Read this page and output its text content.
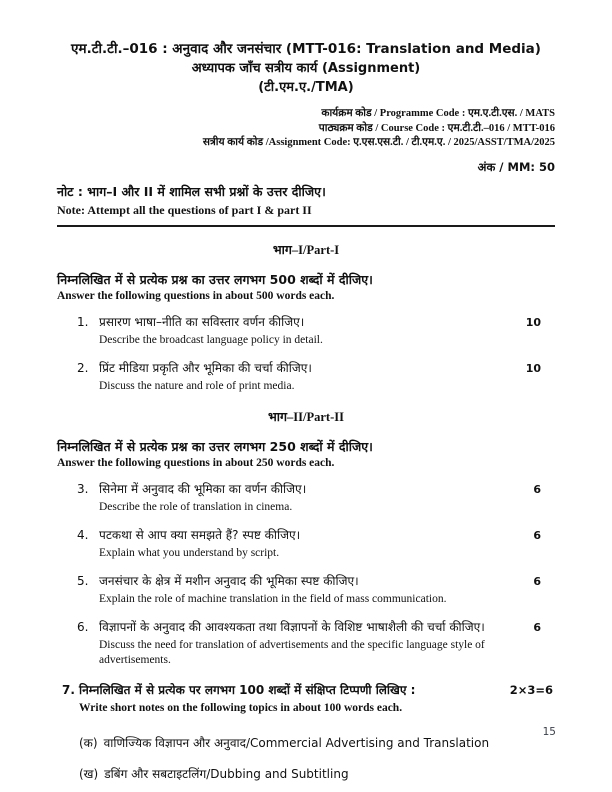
एम.टी.टी.–016 : अनुवाद और जनसंचार (MTT-016: Translation and Media)
अध्यापक जाँच सत्रीय कार्य (Assignment)
(टी.एम.ए./TMA)
कार्यक्रम कोड / Programme Code : एम.ए.टी.एस. / MATS
पाठ्यक्रम कोड / Course Code : एम.टी.टी.–016 / MTT-016
सत्रीय कार्य कोड /Assignment Code: ए.एस.एस.टी. / टी.एम.ए. / 2025/ASST/TMA/2025
अंक / MM: 50
नोट : भाग–I और II में शामिल सभी प्रश्नों के उत्तर दीजिए।
Note: Attempt all the questions of part I & part II
भाग–I/Part-I
निम्नलिखित में से प्रत्येक प्रश्न का उत्तर लगभग 500 शब्दों में दीजिए।
Answer the following questions in about 500 words each.
1. प्रसारण भाषा–नीति का सविस्तार वर्णन कीजिए।	10
Describe the broadcast language policy in detail.
2. प्रिंट मीडिया प्रकृति और भूमिका की चर्चा कीजिए।	10
Discuss the nature and role of print media.
भाग–II/Part-II
निम्नलिखित में से प्रत्येक प्रश्न का उत्तर लगभग 250 शब्दों में दीजिए।
Answer the following questions in about 250 words each.
3. सिनेमा में अनुवाद की भूमिका का वर्णन कीजिए।	6
Describe the role of translation in cinema.
4. पटकथा से आप क्या समझते हैं? स्पष्ट कीजिए।	6
Explain what you understand by script.
5. जनसंचार के क्षेत्र में मशीन अनुवाद की भूमिका स्पष्ट कीजिए।	6
Explain the role of machine translation in the field of mass communication.
6. विज्ञापनों के अनुवाद की आवश्यकता तथा विज्ञापनों के विशिष्ट भाषाशैली की चर्चा कीजिए।	6
Discuss the need for translation of advertisements and the specific language style of advertisements.
7. निम्नलिखित में से प्रत्येक पर लगभग 100 शब्दों में संक्षिप्त टिप्पणी लिखिए :	2×3=6
Write short notes on the following topics in about 100 words each.
(क) वाणिज्यिक विज्ञापन और अनुवाद/Commercial Advertising and Translation
(ख) डबिंग और सबटाइटलिंग/Dubbing and Subtitling
15
